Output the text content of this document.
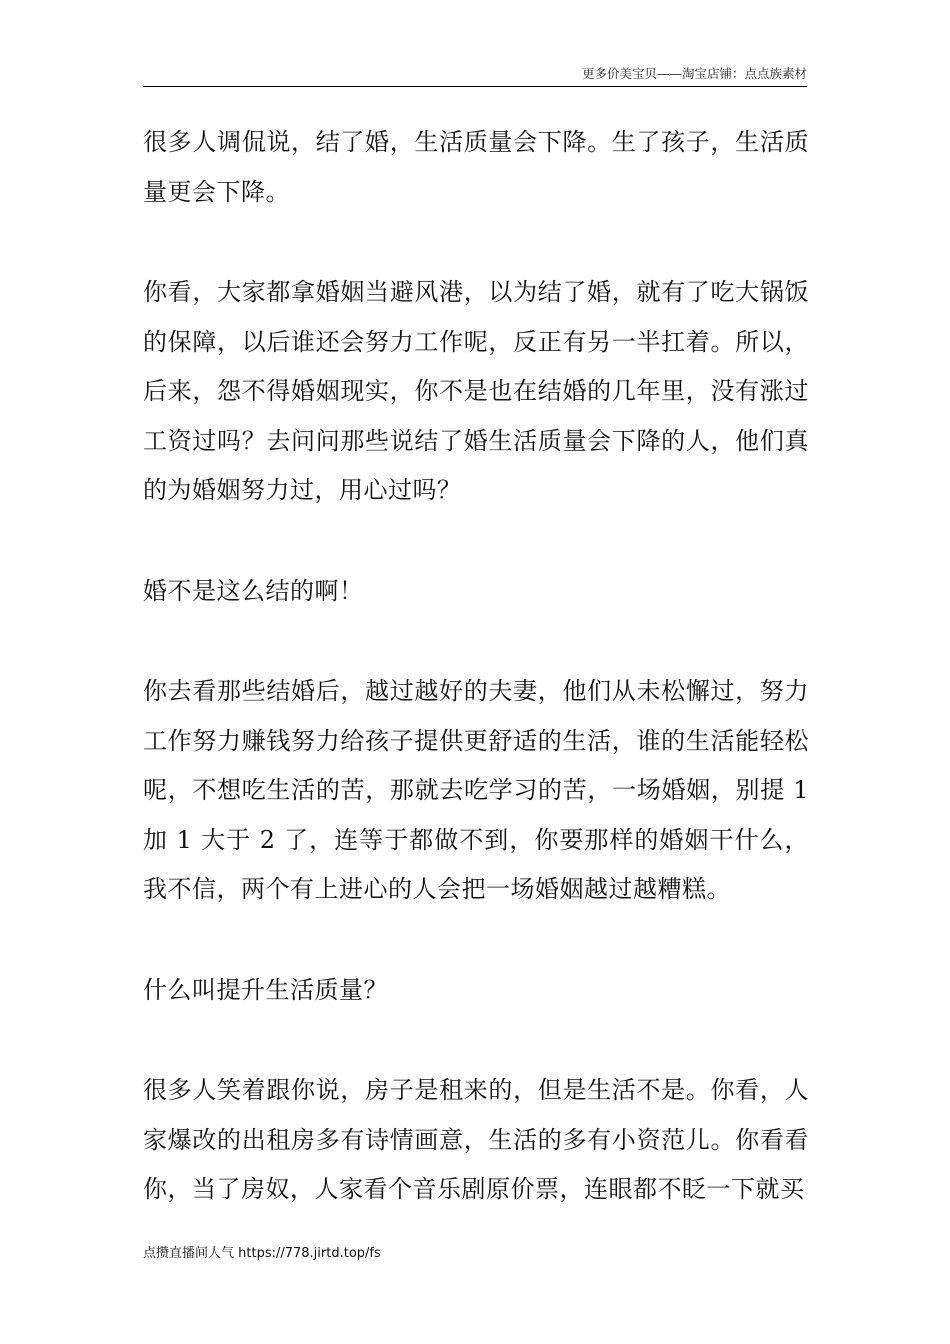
更多价美宝贝——淘宝店铺：点点族素材

很多人调侃说，结了婚，生活质量会下降。生了孩子，生活质量更会下降。

你看，大家都拿婚姻当避风港，以为结了婚，就有了吃大锅饭的保障，以后谁还会努力工作呢，反正有另一半扛着。所以，后来，怨不得婚姻现实，你不是也在结婚的几年里，没有涨过工资过吗？去问问那些说结了婚生活质量会下降的人，他们真的为婚姻努力过，用心过吗？

婚不是这么结的啊！

你去看那些结婚后，越过越好的夫妻，他们从未松懈过，努力工作努力赚钱努力给孩子提供更舒适的生活，谁的生活能轻松呢，不想吃生活的苦，那就去吃学习的苦，一场婚姻，别提 1 加 1 大于 2 了，连等于都做不到，你要那样的婚姻干什么，我不信，两个有上进心的人会把一场婚姻越过越糟糕。

什么叫提升生活质量？

很多人笑着跟你说，房子是租来的，但是生活不是。你看，人家爆改的出租房多有诗情画意，生活的多有小资范儿。你看看你，当了房奴，人家看个音乐剧原价票，连眼都不眨一下就买

点攒直播间人气 https://778.jirtd.top/fs
